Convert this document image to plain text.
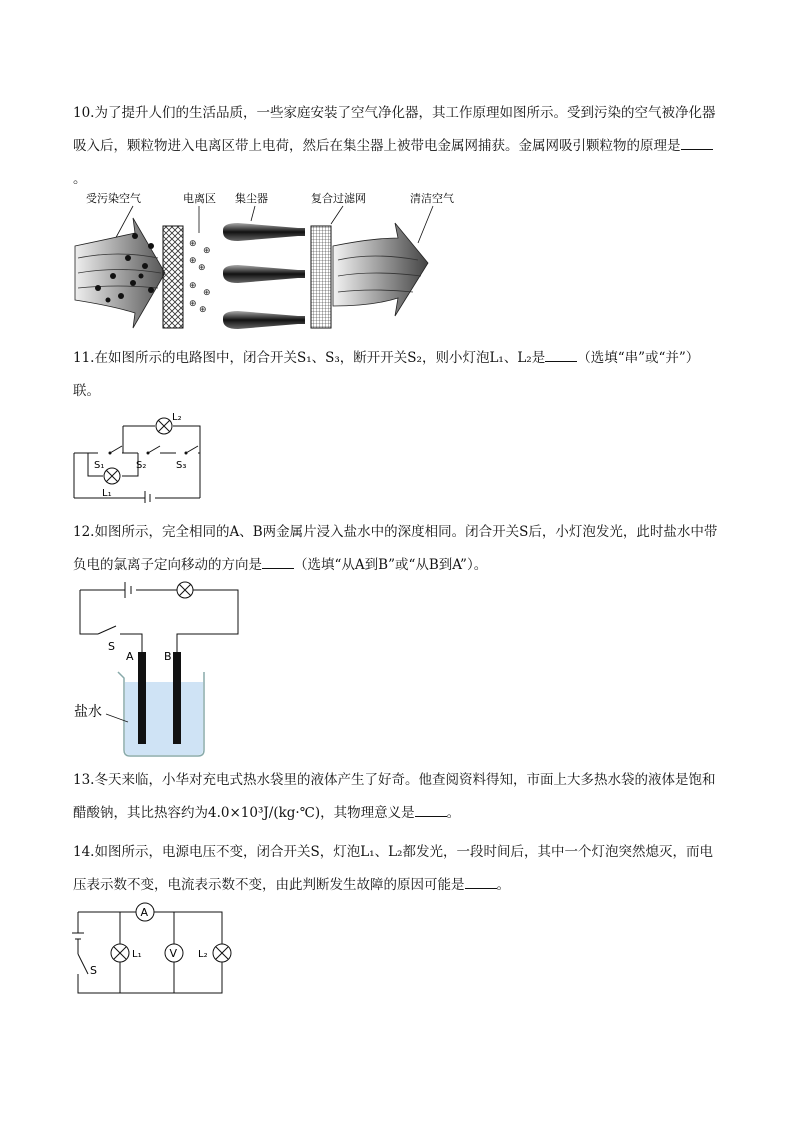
10.为了提升人们的生活品质，一些家庭安装了空气净化器，其工作原理如图所示。受到污染的空气被净化器吸入后，颗粒物进入电离区带上电荷，然后在集尘器上被带电金属网捕获。金属网吸引颗粒物的原理是。
受污染空气	电离区 集尘器	复合过滤网	清洁空气
⊕
⊕
⊕
⊕
⊕
⊕
⊕
⊕
11.在如图所示的电路图中，闭合开关S₁、S₃，断开开关S₂，则小灯泡L₁、L₂是 （选填“串”或“并”）联。
L₂
S₁	S₂	S₃
L₁
12.如图所示，完全相同的A、B两金属片浸入盐水中的深度相同。闭合开关S后，小灯泡发光，此时盐水中带负电的氯离子定向移动的方向是 （选填“从A到B”或“从B到A”）。
S
A	B
盐水
13.冬天来临，小华对充电式热水袋里的液体产生了好奇。他查阅资料得知，市面上大多热水袋的液体是饱和醋酸钠，其比热容约为4.0×10³J/(kg·℃)，其物理意义是 。
14.如图所示，电源电压不变，闭合开关S，灯泡L₁、L₂都发光，一段时间后，其中一个灯泡突然熄灭，而电压表示数不变，电流表示数不变，由此判断发生故障的原因可能是 。
A
L₁	V L₂
S
